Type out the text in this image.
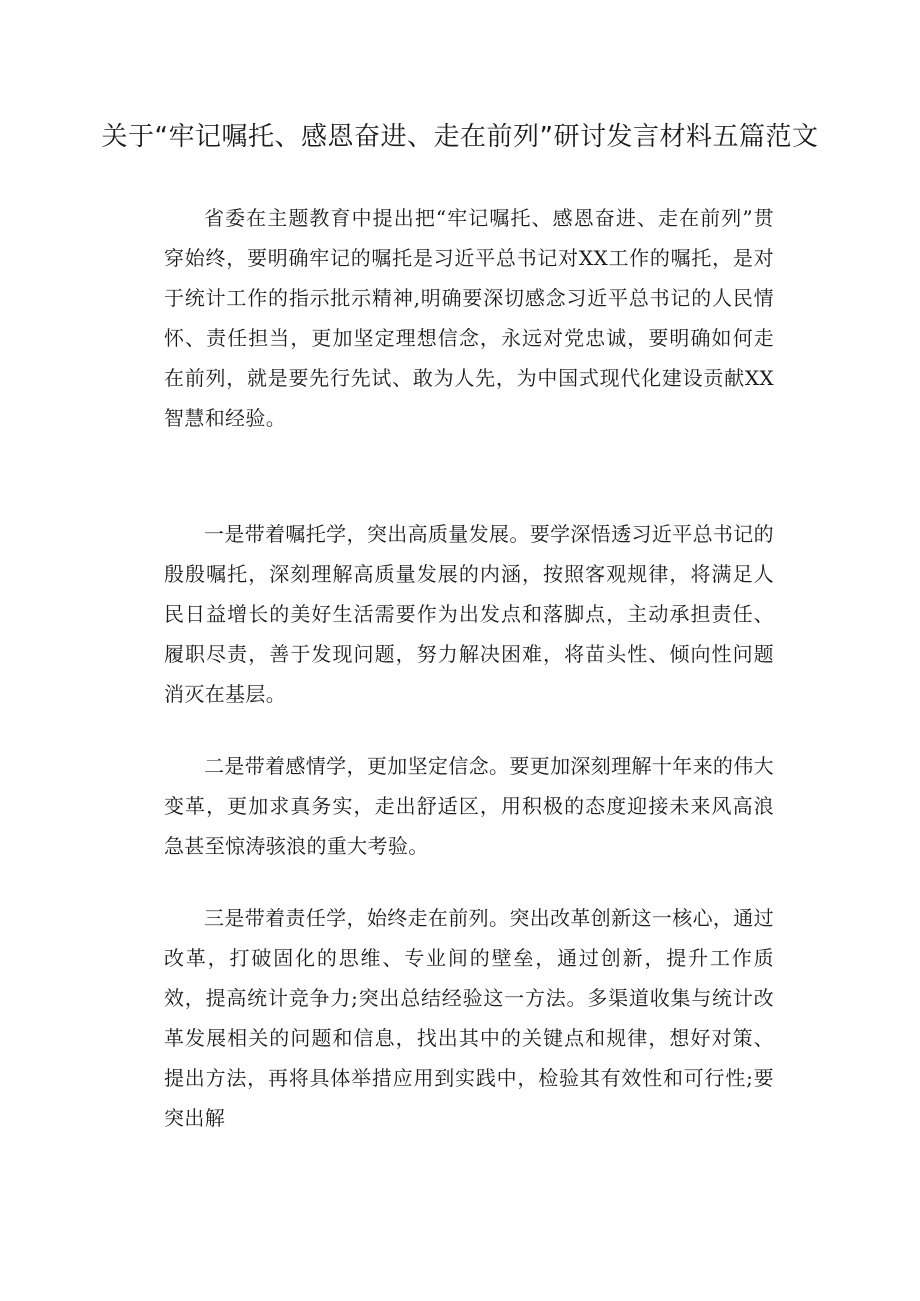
关于“牢记嘱托、感恩奋进、走在前列”研讨发言材料五篇范文

省委在主题教育中提出把“牢记嘱托、感恩奋进、走在前列”贯穿始终，要明确牢记的嘱托是习近平总书记对XX工作的嘱托，是对于统计工作的指示批示精神,明确要深切感念习近平总书记的人民情怀、责任担当，更加坚定理想信念，永远对党忠诚，要明确如何走在前列，就是要先行先试、敢为人先，为中国式现代化建设贡献XX智慧和经验。

一是带着嘱托学，突出高质量发展。要学深悟透习近平总书记的殷殷嘱托，深刻理解高质量发展的内涵，按照客观规律，将满足人民日益增长的美好生活需要作为出发点和落脚点，主动承担责任、履职尽责，善于发现问题，努力解决困难，将苗头性、倾向性问题消灭在基层。

二是带着感情学，更加坚定信念。要更加深刻理解十年来的伟大变革，更加求真务实，走出舒适区，用积极的态度迎接未来风高浪急甚至惊涛骇浪的重大考验。

三是带着责任学，始终走在前列。突出改革创新这一核心，通过改革，打破固化的思维、专业间的壁垒，通过创新，提升工作质效，提高统计竞争力;突出总结经验这一方法。多渠道收集与统计改革发展相关的问题和信息，找出其中的关键点和规律，想好对策、提出方法，再将具体举措应用到实践中，检验其有效性和可行性;要突出解
